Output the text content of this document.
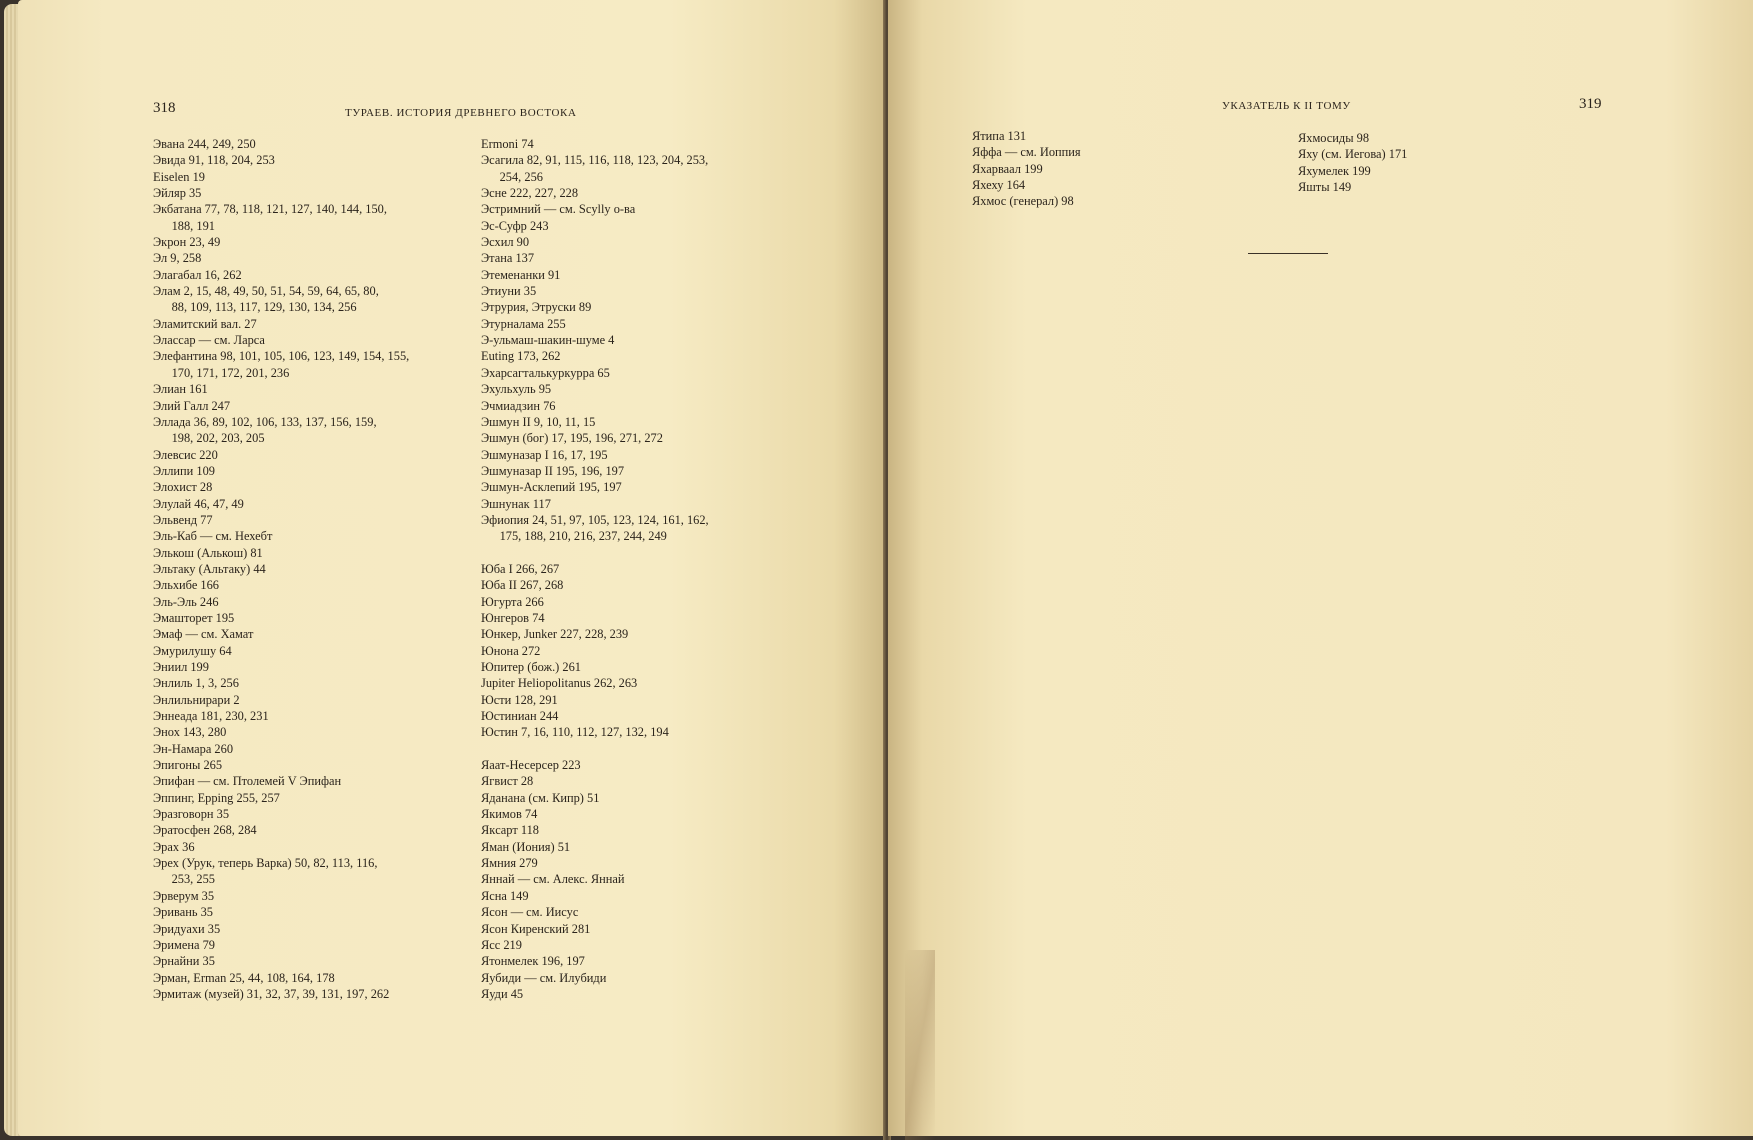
318	ТУРАЕВ. ИСТОРИЯ ДРЕВНЕГО ВОСТОКА
Эвана 244, 249, 250
Эвида 91, 118, 204, 253
Eiselen 19
Эйляр 35
Экбатана 77, 78, 118, 121, 127, 140, 144, 150,
  188, 191
Экрон 23, 49
Эл 9, 258
Элагабал 16, 262
Элам 2, 15, 48, 49, 50, 51, 54, 59, 64, 65, 80,
  88, 109, 113, 117, 129, 130, 134, 256
Эламитский вал. 27
Элассар — см. Ларса
Элефантина 98, 101, 105, 106, 123, 149, 154, 155,
  170, 171, 172, 201, 236
Элиан 161
Элий Галл 247
Эллада 36, 89, 102, 106, 133, 137, 156, 159,
  198, 202, 203, 205
Элевсис 220
Эллипи 109
Элохист 28
Элулай 46, 47, 49
Эльвенд 77
Эль-Каб — см. Нехебт
Элькош (Алькош) 81
Эльтаку (Альтаку) 44
Эльхибе 166
Эль-Эль 246
Эмашторет 195
Эмаф — см. Хамат
Эмурилушу 64
Эниил 199
Энлиль 1, 3, 256
Энлильнирари 2
Эннеада 181, 230, 231
Энох 143, 280
Эн-Намара 260
Эпигоны 265
Эпифан — см. Птолемей V Эпифан
Эппинг, Epping 255, 257
Эразговорн 35
Эратосфен 268, 284
Эрах 36
Эрех (Урук, теперь Варка) 50, 82, 113, 116,
  253, 255
Эрверум 35
Эривань 35
Эридуахи 35
Эримена 79
Эрнайни 35
Эрман, Erman 25, 44, 108, 164, 178
Эрмитаж (музей) 31, 32, 37, 39, 131, 197, 262
Ermoni 74
Эсагила 82, 91, 115, 116, 118, 123, 204, 253,
  254, 256
Эсне 222, 227, 228
Эстримний — см. Scylly о-ва
Эс-Суфр 243
Эсхил 90
Этана 137
Этеменанки 91
Этиуни 35
Этрурия, Этруски 89
Этурналама 255
Э-ульмаш-шакин-шуме 4
Euting 173, 262
Эхарсагталькуркурра 65
Эхульхуль 95
Эчмиадзин 76
Эшмун II 9, 10, 11, 15
Эшмун (бог) 17, 195, 196, 271, 272
Эшмуназар I 16, 17, 195
Эшмуназар II 195, 196, 197
Эшмун-Асклепий 195, 197
Эшнунак 117
Эфиопия 24, 51, 97, 105, 123, 124, 161, 162,
  175, 188, 210, 216, 237, 244, 249
Юба I 266, 267
Юба II 267, 268
Югурта 266
Юнгеров 74
Юнкер, Junker 227, 228, 239
Юнона 272
Юпитер (бож.) 261
Jupiter Heliopolitanus 262, 263
Юсти 128, 291
Юстиниан 244
Юстин 7, 16, 110, 112, 127, 132, 194
Яаат-Несерсер 223
Ягвист 28
Яданана (см. Кипр) 51
Якимов 74
Якcарт 118
Яман (Иония) 51
Ямния 279
Яннай — см. Алекс. Яннай
Ясна 149
Ясон — см. Иисус
Ясон Киренский 281
Ясс 219
Ятонмелек 196, 197
Яубиди — см. Илубиди
Яуди 45
УКАЗАТЕЛЬ К II ТОМУ	319
Ятипа 131
Яффа — см. Иоппия
Яхарваал 199
Яхеху 164
Яхмос (генерал) 98
Яхмосиды 98
Яху (см. Иегова) 171
Яхумелек 199
Яшты 149
